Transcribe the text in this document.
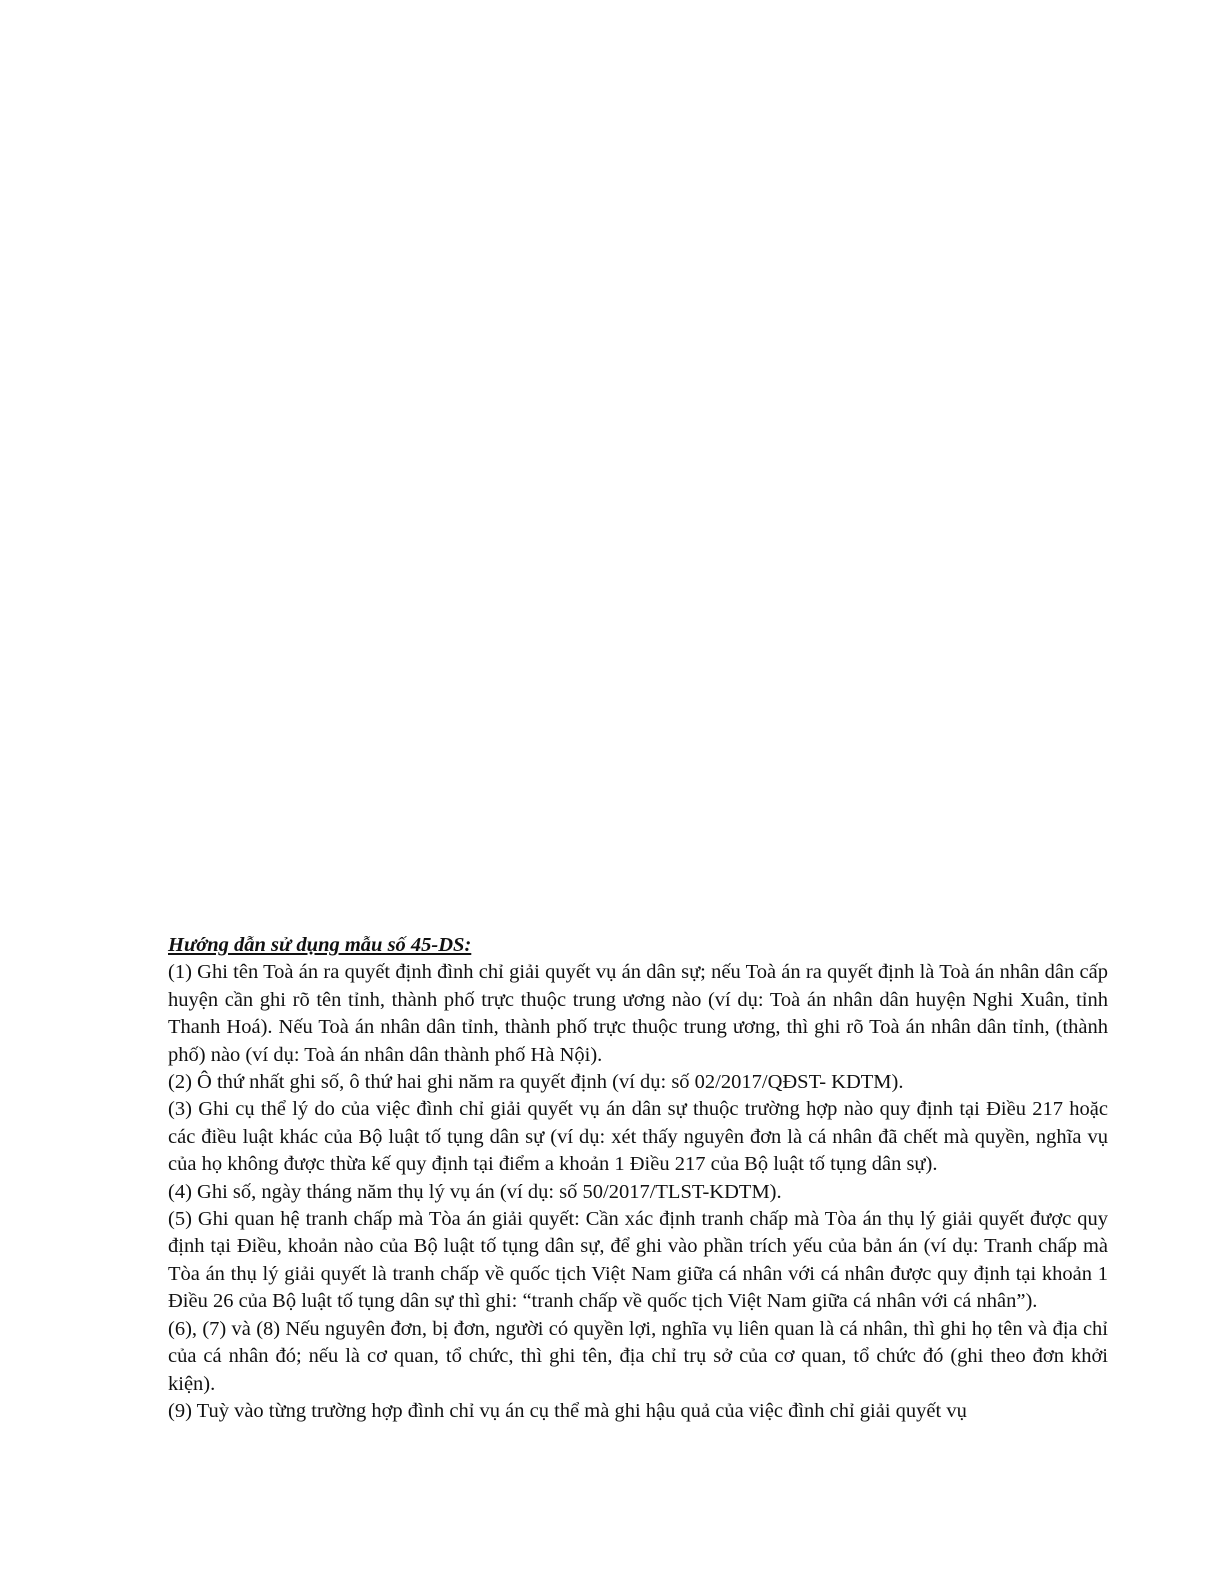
Hướng dẫn sử dụng mẫu số 45-DS:

(1) Ghi tên Toà án ra quyết định đình chỉ giải quyết vụ án dân sự; nếu Toà án ra quyết định là Toà án nhân dân cấp huyện cần ghi rõ tên tỉnh, thành phố trực thuộc trung ương nào (ví dụ: Toà án nhân dân huyện Nghi Xuân, tỉnh Thanh Hoá). Nếu Toà án nhân dân tỉnh, thành phố trực thuộc trung ương, thì ghi rõ Toà án nhân dân tỉnh, (thành phố) nào (ví dụ: Toà án nhân dân thành phố Hà Nội).

(2) Ô thứ nhất ghi số, ô thứ hai ghi năm ra quyết định (ví dụ: số 02/2017/QĐST- KDTM).

(3) Ghi cụ thể lý do của việc đình chỉ giải quyết vụ án dân sự thuộc trường hợp nào quy định tại Điều 217 hoặc các điều luật khác của Bộ luật tố tụng dân sự (ví dụ: xét thấy nguyên đơn là cá nhân đã chết mà quyền, nghĩa vụ của họ không được thừa kế quy định tại điểm a khoản 1 Điều 217 của Bộ luật tố tụng dân sự).

(4) Ghi số, ngày tháng năm thụ lý vụ án (ví dụ: số 50/2017/TLST-KDTM).

(5) Ghi quan hệ tranh chấp mà Tòa án giải quyết: Cần xác định tranh chấp mà Tòa án thụ lý giải quyết được quy định tại Điều, khoản nào của Bộ luật tố tụng dân sự, để ghi vào phần trích yếu của bản án (ví dụ: Tranh chấp mà Tòa án thụ lý giải quyết là tranh chấp về quốc tịch Việt Nam giữa cá nhân với cá nhân được quy định tại khoản 1 Điều 26 của Bộ luật tố tụng dân sự thì ghi: “tranh chấp về quốc tịch Việt Nam giữa cá nhân với cá nhân”).

(6), (7) và (8) Nếu nguyên đơn, bị đơn, người có quyền lợi, nghĩa vụ liên quan là cá nhân, thì ghi họ tên và địa chỉ của cá nhân đó; nếu là cơ quan, tổ chức, thì ghi tên, địa chỉ trụ sở của cơ quan, tổ chức đó (ghi theo đơn khởi kiện).

(9) Tuỳ vào từng trường hợp đình chỉ vụ án cụ thể mà ghi hậu quả của việc đình chỉ giải quyết vụ
